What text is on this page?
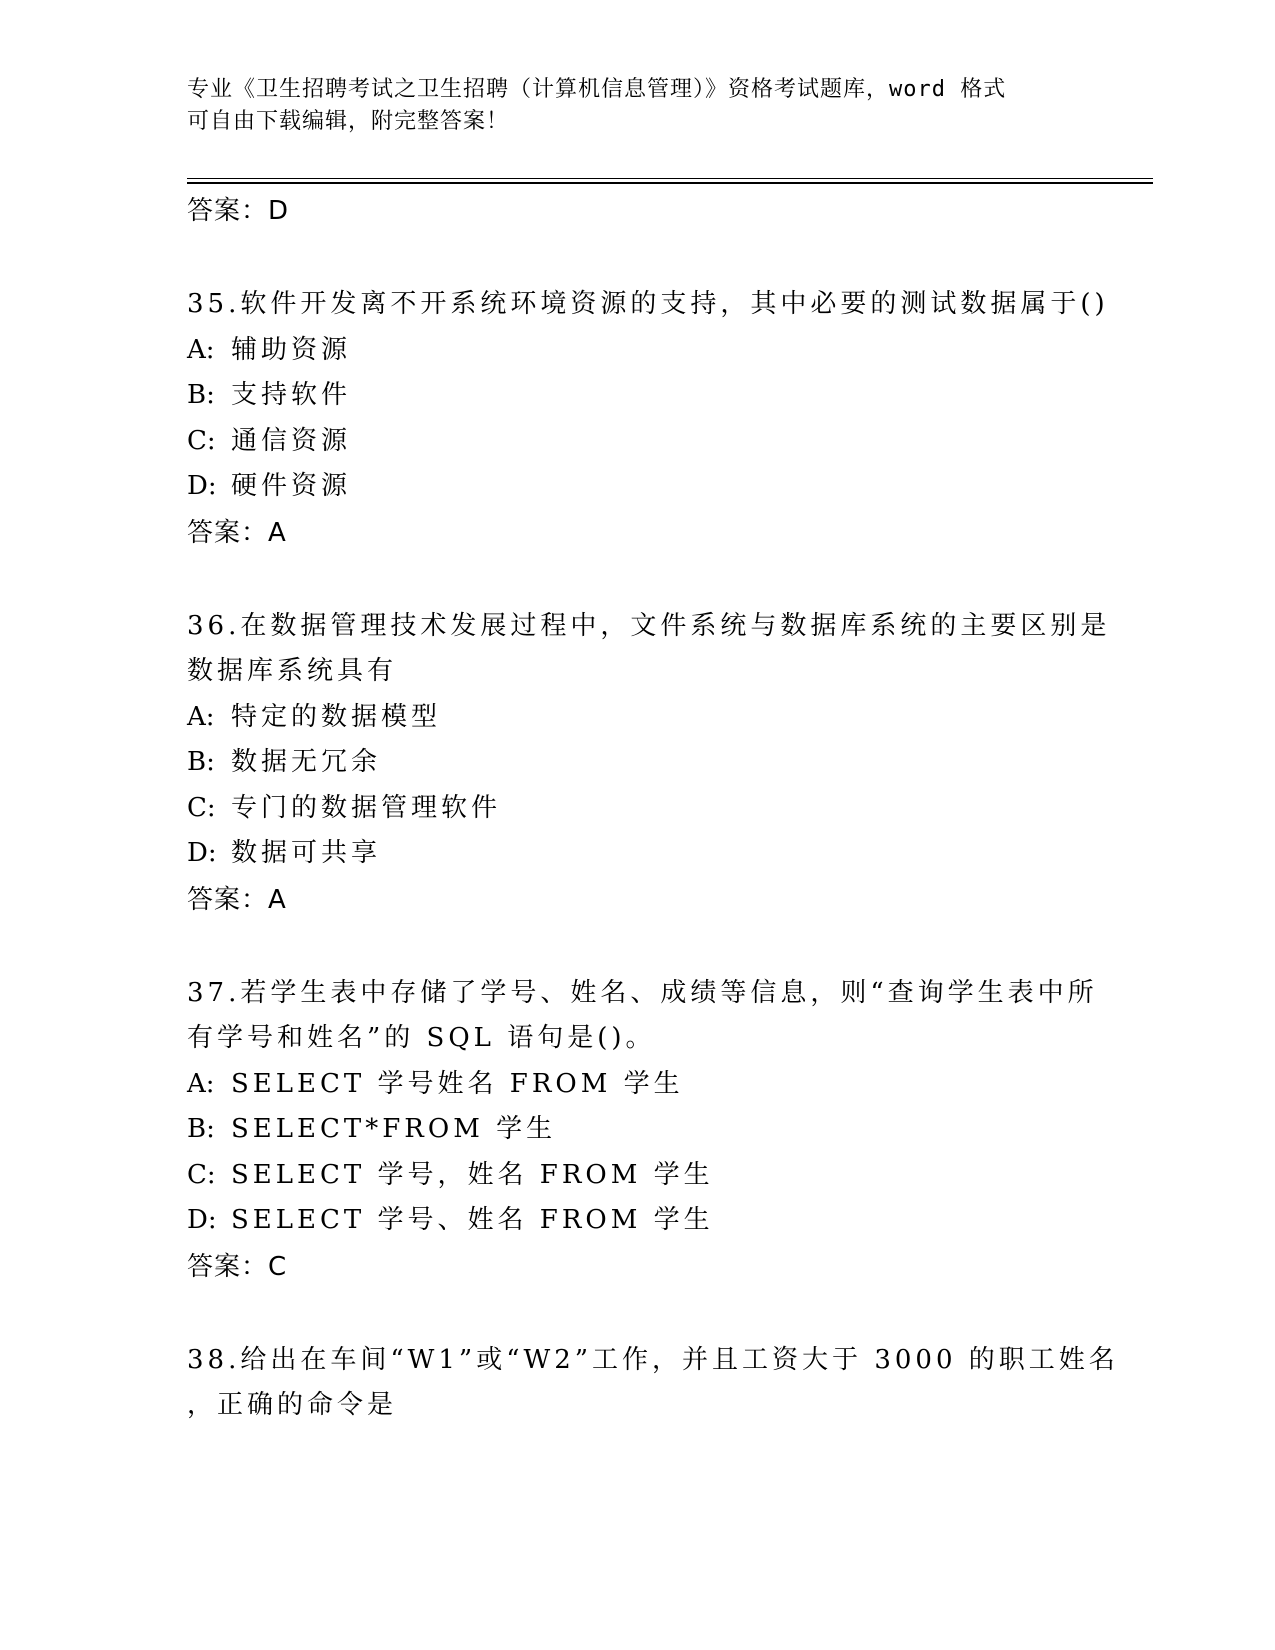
专业《卫生招聘考试之卫生招聘（计算机信息管理）》资格考试题库，word 格式
可自由下载编辑，附完整答案！
答案：D
35.软件开发离不开系统环境资源的支持，其中必要的测试数据属于()
A: 辅助资源
B: 支持软件
C: 通信资源
D: 硬件资源
答案：A
36.在数据管理技术发展过程中，文件系统与数据库系统的主要区别是
数据库系统具有
A: 特定的数据模型
B: 数据无冗余
C: 专门的数据管理软件
D: 数据可共享
答案：A
37.若学生表中存储了学号、姓名、成绩等信息，则“查询学生表中所
有学号和姓名”的 SQL 语句是()。
A: SELECT 学号姓名 FROM 学生
B: SELECT*FROM 学生
C: SELECT 学号，姓名 FROM 学生
D: SELECT 学号、姓名 FROM 学生
答案：C
38.给出在车间“W1”或“W2”工作，并且工资大于 3000 的职工姓名
，正确的命令是
